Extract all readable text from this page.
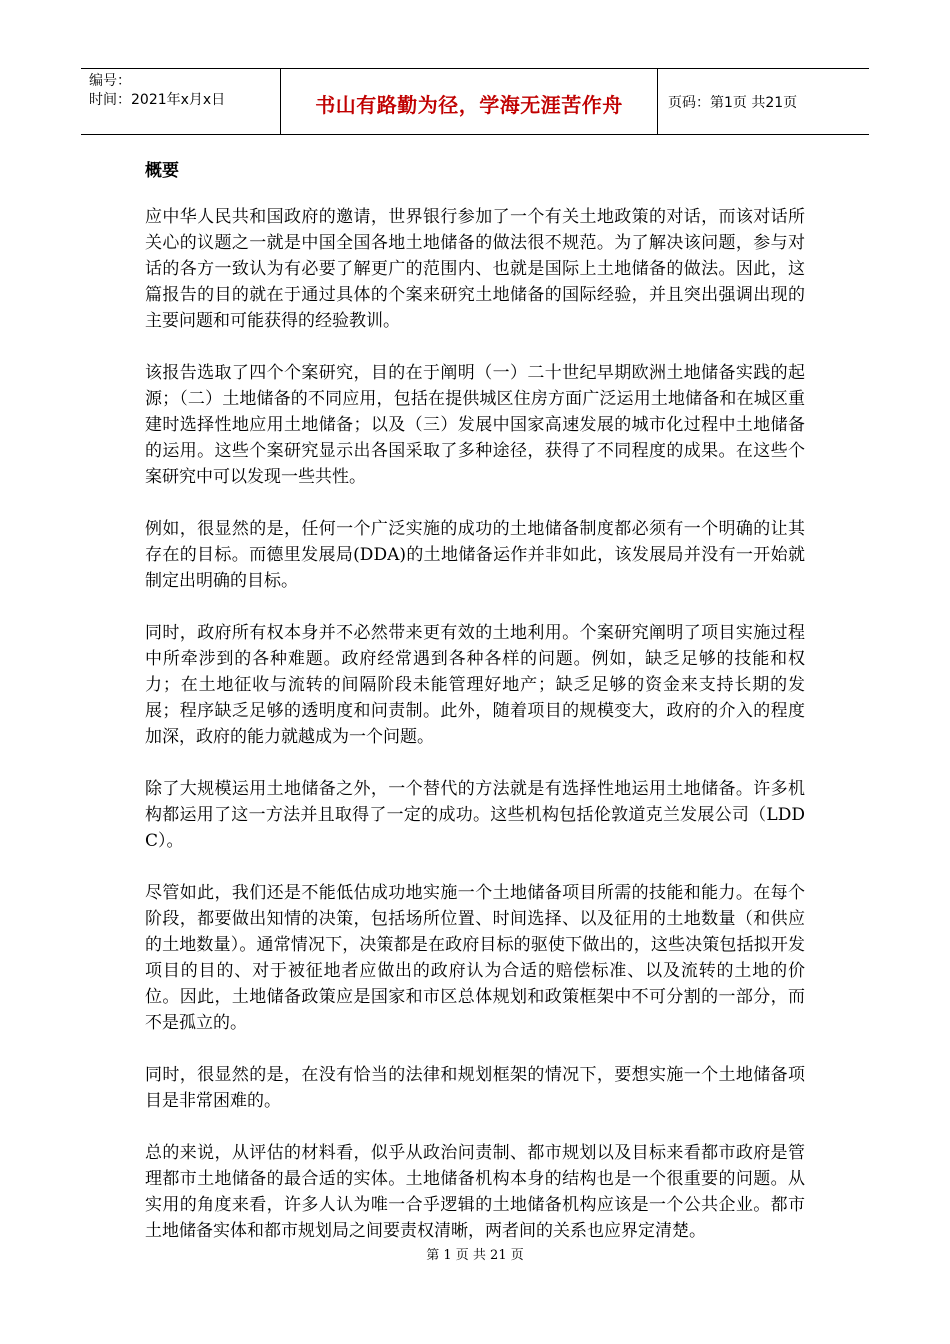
编号：
时间：2021年x月x日	书山有路勤为径，学海无涯苦作舟	页码：第1页 共21页
概要

应中华人民共和国政府的邀请，世界银行参加了一个有关土地政策的对话，而该对话所关心的议题之一就是中国全国各地土地储备的做法很不规范。为了解决该问题，参与对话的各方一致认为有必要了解更广的范围内、也就是国际上土地储备的做法。因此，这篇报告的目的就在于通过具体的个案来研究土地储备的国际经验，并且突出强调出现的主要问题和可能获得的经验教训。

该报告选取了四个个案研究，目的在于阐明（一）二十世纪早期欧洲土地储备实践的起源；（二）土地储备的不同应用，包括在提供城区住房方面广泛运用土地储备和在城区重建时选择性地应用土地储备；以及（三）发展中国家高速发展的城市化过程中土地储备的运用。这些个案研究显示出各国采取了多种途径，获得了不同程度的成果。在这些个案研究中可以发现一些共性。

例如，很显然的是，任何一个广泛实施的成功的土地储备制度都必须有一个明确的让其存在的目标。而德里发展局(DDA)的土地储备运作并非如此，该发展局并没有一开始就制定出明确的目标。

同时，政府所有权本身并不必然带来更有效的土地利用。个案研究阐明了项目实施过程中所牵涉到的各种难题。政府经常遇到各种各样的问题。例如，缺乏足够的技能和权力；在土地征收与流转的间隔阶段未能管理好地产；缺乏足够的资金来支持长期的发展；程序缺乏足够的透明度和问责制。此外，随着项目的规模变大，政府的介入的程度加深，政府的能力就越成为一个问题。

除了大规模运用土地储备之外，一个替代的方法就是有选择性地运用土地储备。许多机构都运用了这一方法并且取得了一定的成功。这些机构包括伦敦道克兰发展公司（LDDC）。

尽管如此，我们还是不能低估成功地实施一个土地储备项目所需的技能和能力。在每个阶段，都要做出知情的决策，包括场所位置、时间选择、以及征用的土地数量（和供应的土地数量）。通常情况下，决策都是在政府目标的驱使下做出的，这些决策包括拟开发项目的目的、对于被征地者应做出的政府认为合适的赔偿标准、以及流转的土地的价位。因此，土地储备政策应是国家和市区总体规划和政策框架中不可分割的一部分，而不是孤立的。

同时，很显然的是，在没有恰当的法律和规划框架的情况下，要想实施一个土地储备项目是非常困难的。

总的来说，从评估的材料看，似乎从政治问责制、都市规划以及目标来看都市政府是管理都市土地储备的最合适的实体。土地储备机构本身的结构也是一个很重要的问题。从实用的角度来看，许多人认为唯一合乎逻辑的土地储备机构应该是一个公共企业。都市土地储备实体和都市规划局之间要责权清晰，两者间的关系也应界定清楚。

第 1 页 共 21 页
